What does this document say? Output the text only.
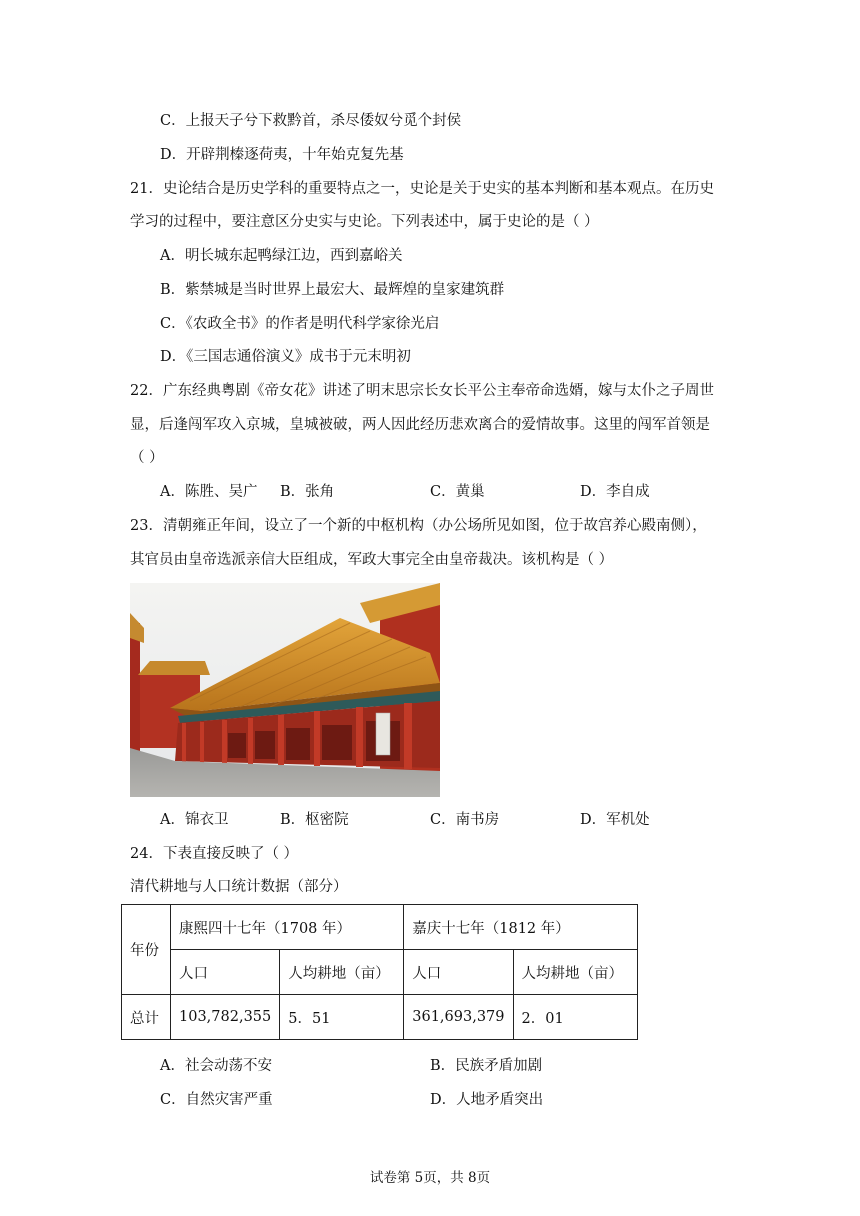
C．上报天子兮下救黔首，杀尽倭奴兮觅个封侯
D．开辟荆榛逐荷夷，十年始克复先基
21．史论结合是历史学科的重要特点之一，史论是关于史实的基本判断和基本观点。在历史
学习的过程中，要注意区分史实与史论。下列表述中，属于史论的是（ ）
A．明长城东起鸭绿江边，西到嘉峪关
B．紫禁城是当时世界上最宏大、最辉煌的皇家建筑群
C．《农政全书》的作者是明代科学家徐光启
D．《三国志通俗演义》成书于元末明初
22．广东经典粤剧《帝女花》讲述了明末思宗长女长平公主奉帝命选婿，嫁与太仆之子周世
显，后逢闯军攻入京城，皇城被破，两人因此经历悲欢离合的爱情故事。这里的闯军首领是
（ ）
A．陈胜、吴广 B．张角	C．黄巢	D．李自成
23．清朝雍正年间，设立了一个新的中枢机构（办公场所见如图，位于故宫养心殿南侧），
其官员由皇帝选派亲信大臣组成，军政大事完全由皇帝裁决。该机构是（ ）
A．锦衣卫	B．枢密院	C．南书房	D．军机处
24．下表直接反映了（ ）
清代耕地与人口统计数据（部分）
年份	康熙四十七年（1708 年）		嘉庆十七年（1812 年）	
	人口	人均耕地（亩）	人口	人均耕地（亩）
总计	103,782,355	5．51	361,693,379	2．01
A．社会动荡不安	B．民族矛盾加剧
C．自然灾害严重	D．人地矛盾突出
试卷第 5页，共 8页
